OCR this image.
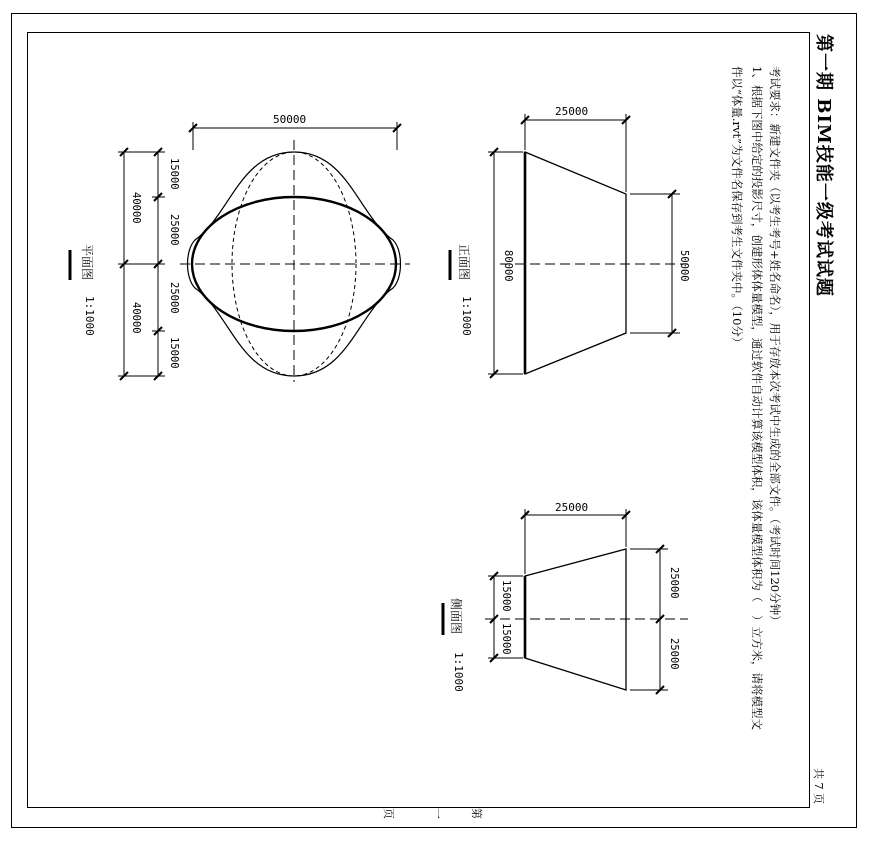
第一期 BIM技能一级考试试题
考试要求：新建文件夹（以考生考号+姓名命名），用于存放本次考试中生成的全部文件。（考试时间120分钟）
1、根据下图中给定的投影尺寸，创建形体体量模型，通过软件自动计算该模型体积，该体量模型体积为（
）立方米，请将模型文
件以“体量.rvt”为文件名保存到考生文件夹中。（10分）
共 7 页
第
一
页
50000
15000
25000
25000
15000
40000
40000
平面图
1:1000
25000
80000	50000
正面图
1:1000
25000
15000
15000
25000
25000
侧面图
1:1000
